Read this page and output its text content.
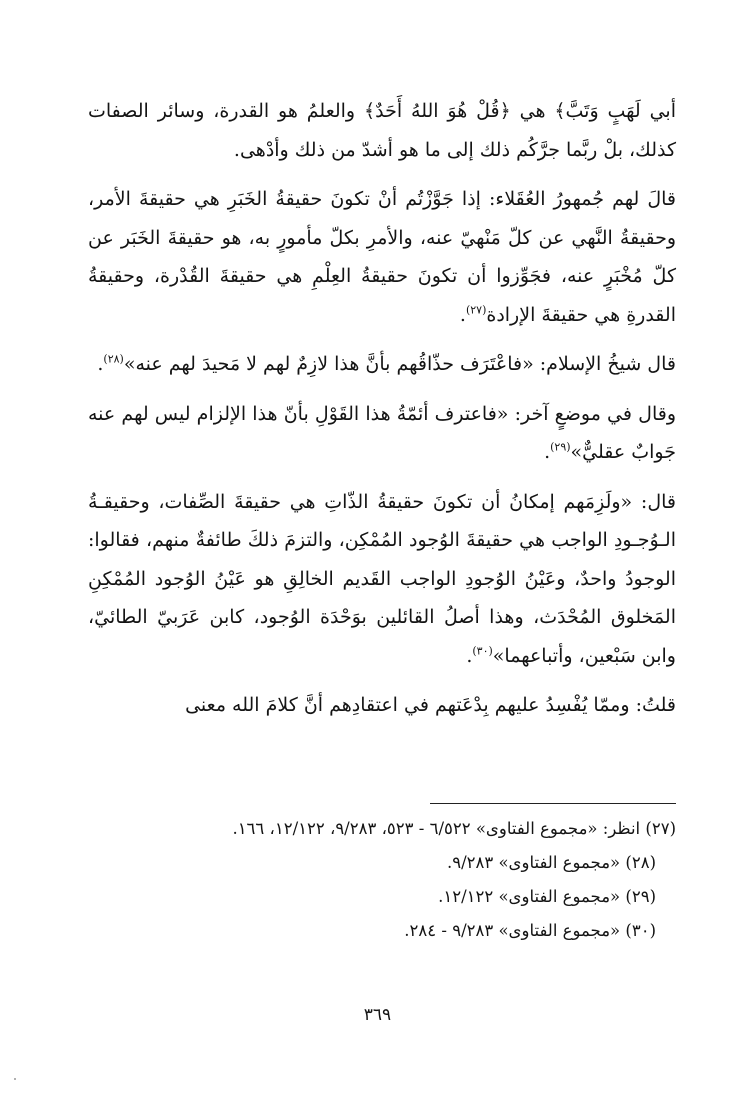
أبي لَهَبٍ وَتَبَّ﴾ هي ﴿قُلْ هُوَ اللهُ أَحَدٌ﴾ والعلمُ هو القدرة، وسائر الصفات كذلك، بلْ ربَّما جرَّكُم ذلك إلى ما هو أشدّ من ذلك وأدْهى.

قالَ لهم جُمهورُ العُقَلاء: إذا جَوَّزْتُم أنْ تكونَ حقيقةُ الخَبَرِ هي حقيقةَ الأمر، وحقيقةُ النَّهي عن كلّ مَنْهيّ عنه، والأمرِ بكلّ مأمورٍ به، هو حقيقةَ الخَبَر عن كلّ مُخْبَرٍ عنه، فجَوِّزوا أن تكونَ حقيقةُ العِلْمِ هي حقيقةَ القُدْرة، وحقيقةُ القدرةِ هي حقيقةَ الإرادة$^{(٢٧)}$.

قال شيخُ الإسلام: «فاعْتَرَف حذّاقُهم بأنَّ هذا لازِمٌ لهم لا مَحيدَ لهم عنه»$^{(٢٨)}$.

وقال في موضعٍ آخر: «فاعترف أئمّةُ هذا القَوْلِ بأنّ هذا الإلزام ليس لهم عنه جَوابٌ عقليٌّ»$^{(٢٩)}$.

قال: «ولَزِمَهم إمكانُ أن تكونَ حقيقةُ الذّاتِ هي حقيقةَ الصِّفات، وحقيقـةُ الـوُجـودِ الواجب هي حقيقةَ الوُجود المُمْكِن، والتزمَ ذلكَ طائفةٌ منهم، فقالوا: الوجودُ واحدٌ، وعَيْنُ الوُجودِ الواجب القَديم الخالِقِ هو عَيْنُ الوُجود المُمْكِنِ المَخلوق المُحْدَث، وهذا أصلُ القائلين بوَحْدَة الوُجود، كابن عَرَبيّ الطائيّ، وابن سَبْعين، وأتباعهما»$^{(٣٠)}$.

قلتُ: وممّا يُفْسِدُ عليهم بِدْعَتهم في اعتقادِهم أنَّ كلامَ الله معنى

(٢٧) انظر: «مجموع الفتاوى» ٦/٥٢٢ - ٥٢٣، ٩/٢٨٣، ١٢/١٢٢، ١٦٦.

(٢٨) «مجموع الفتاوى» ٩/٢٨٣.

(٢٩) «مجموع الفتاوى» ١٢/١٢٢.

(٣٠) «مجموع الفتاوى» ٩/٢٨٣ - ٢٨٤.

٣٦٩
